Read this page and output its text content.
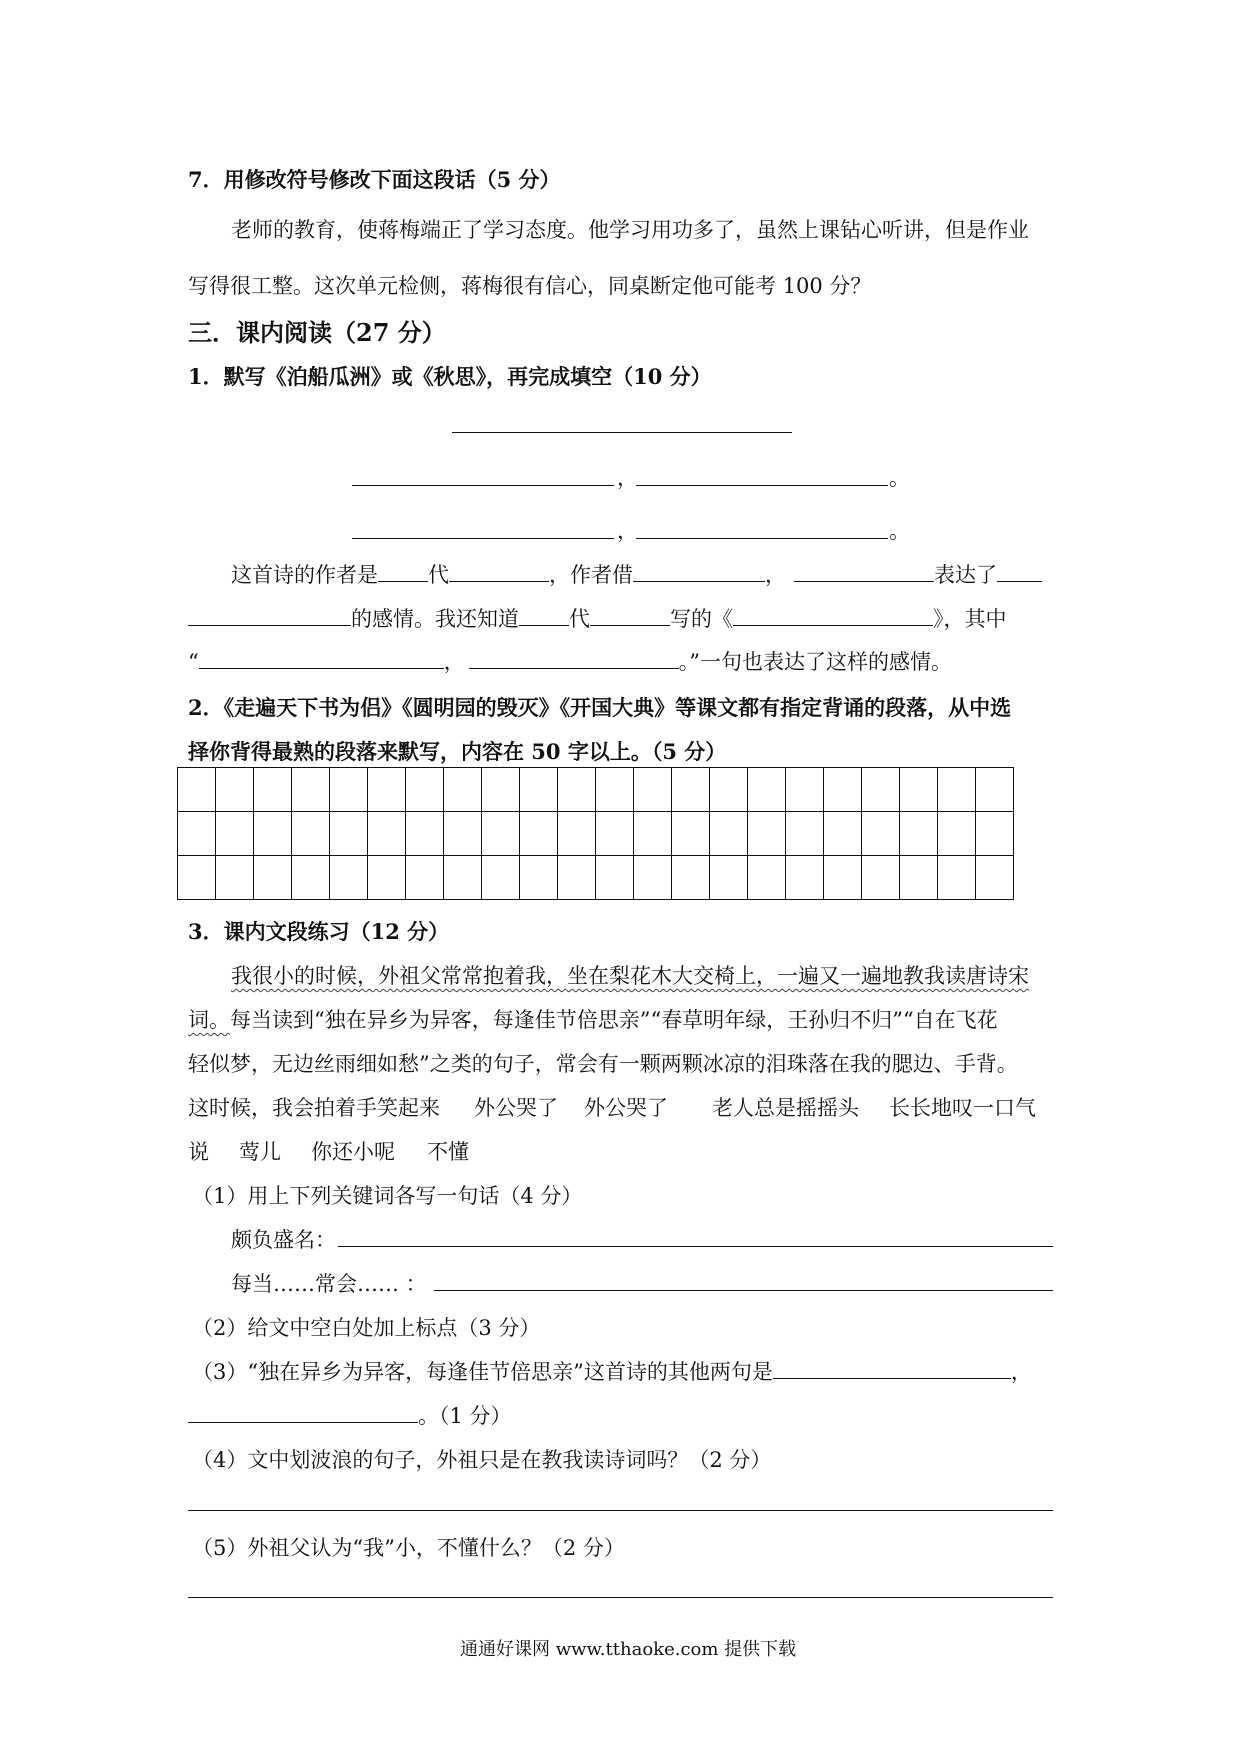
7．用修改符号修改下面这段话（5 分）
老师的教育，使蒋梅端正了学习态度。他学习用功多了，虽然上课钻心听讲，但是作业
写得很工整。这次单元检侧，蒋梅很有信心，同桌断定他可能考 100 分？
三．课内阅读（27 分）
1．默写《泊船瓜洲》或《秋思》，再完成填空（10 分）
，	。
，	。
这首诗的作者是 代	，作者借	，	表达了
的感情。我还知道 代	写的《	》，其中
“	，	。”一句也表达了这样的感情。
2．《走遍天下书为侣》《圆明园的毁灭》《开国大典》等课文都有指定背诵的段落，从中选
择你背得最熟的段落来默写，内容在 50 字以上。（5 分）

3．课内文段练习（12 分）
我很小的时候，外祖父常常抱着我，坐在梨花木大交椅上，一遍又一遍地教我读唐诗宋
词。每当读到“独在异乡为异客，每逢佳节倍思亲”“春草明年绿，王孙归不归”“自在飞花
轻似梦，无边丝雨细如愁”之类的句子，常会有一颗两颗冰凉的泪珠落在我的腮边、手背。
这时候，我会拍着手笑起来 外公哭了 外公哭了 老人总是摇摇头 长长地叹一口气
说 莺儿 你还小呢 不懂
（1）用上下列关键词各写一句话（4 分）
颇负盛名：
每当……常会…… ：
（2）给文中空白处加上标点（3 分）
（3）“独在异乡为异客，每逢佳节倍思亲”这首诗的其他两句是	，
。（1 分）
（4）文中划波浪的句子，外祖只是在教我读诗词吗？（2 分）
（5）外祖父认为“我”小，不懂什么？（2 分）
通通好课网 www.tthaoke.com 提供下载
